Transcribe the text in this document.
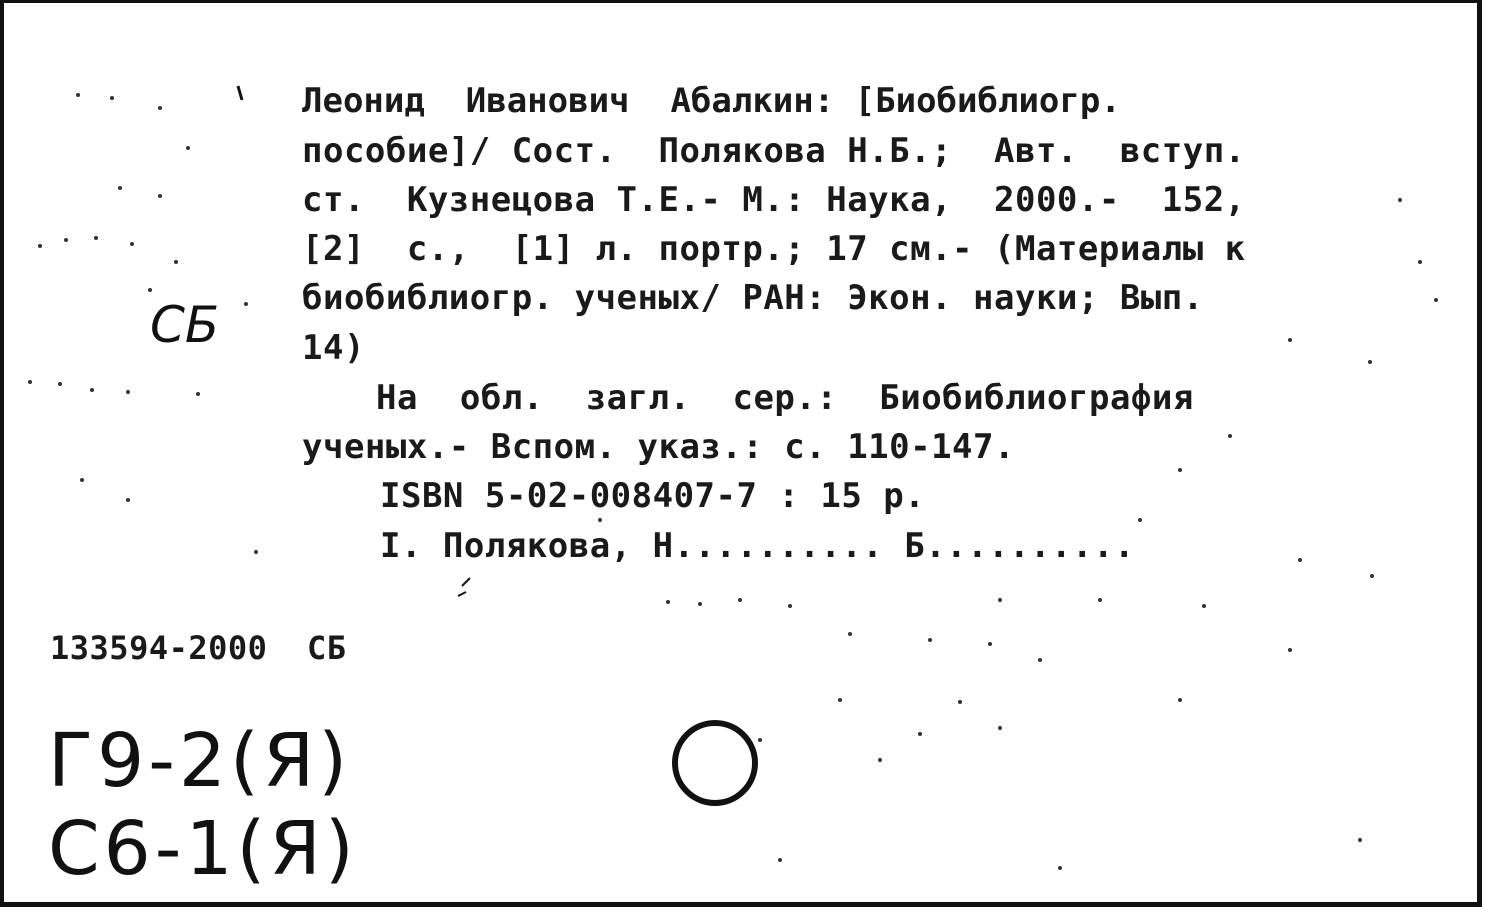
Леонид  Иванович  Абалкин: [Биобиблиогр.
пособие]/ Сост.  Полякова Н.Б.;  Авт.  вступ.
ст.  Кузнецова Т.Е.- М.: Наука,  2000.-  152,
[2]  с.,  [1] л. портр.; 17 см.- (Материалы к
биобиблиогр. ученых/ РАН: Экон. науки; Вып.
14)
На  обл.  загл.  сер.:  Биобиблиография
ученых.- Вспом. указ.: с. 110-147.
ISBN 5-02-008407-7 : 15 р.
I. Полякова, Н.......... Б..........
133594-2000  СБ
СБ
Г9-2(Я)
С6-1(Я)
